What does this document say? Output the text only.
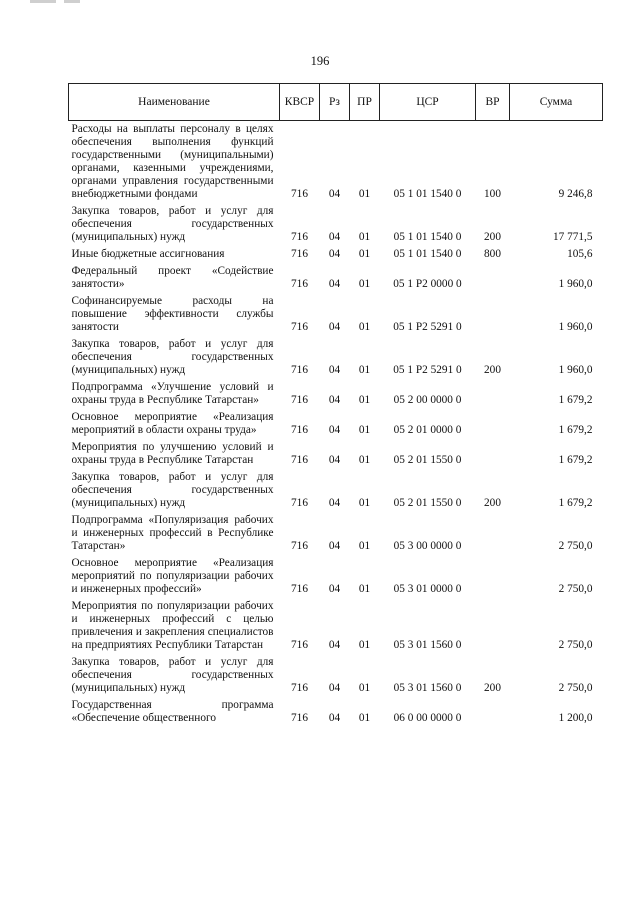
196
Наименование	КВСР	Рз	ПР	ЦСР	ВР	Сумма
Расходы на выплаты персоналу в целях обеспечения выполнения функций государственными (муниципальными) органами, казенными учреждениями, органами управления государственными внебюджетными фондами	716	04	01	05 1 01 1540 0	100	9 246,8
Закупка товаров, работ и услуг для обеспечения государственных (муниципальных) нужд	716	04	01	05 1 01 1540 0	200	17 771,5
Иные бюджетные ассигнования	716	04	01	05 1 01 1540 0	800	105,6
Федеральный проект «Содействие занятости»	716	04	01	05 1 Р2 0000 0		1 960,0
Софинансируемые расходы на повышение эффективности службы занятости	716	04	01	05 1 Р2 5291 0		1 960,0
Закупка товаров, работ и услуг для обеспечения государственных (муниципальных) нужд	716	04	01	05 1 Р2 5291 0	200	1 960,0
Подпрограмма «Улучшение условий и охраны труда в Республике Татарстан»	716	04	01	05 2 00 0000 0		1 679,2
Основное мероприятие «Реализация мероприятий в области охраны труда»	716	04	01	05 2 01 0000 0		1 679,2
Мероприятия по улучшению условий и охраны труда в Республике Татарстан	716	04	01	05 2 01 1550 0		1 679,2
Закупка товаров, работ и услуг для обеспечения государственных (муниципальных) нужд	716	04	01	05 2 01 1550 0	200	1 679,2
Подпрограмма «Популяризация рабочих и инженерных профессий в Республике Татарстан»	716	04	01	05 3 00 0000 0		2 750,0
Основное мероприятие «Реализация мероприятий по популяризации рабочих и инженерных профессий»	716	04	01	05 3 01 0000 0		2 750,0
Мероприятия по популяризации рабочих и инженерных профессий с целью привлечения и закрепления специалистов на предприятиях Республики Татарстан	716	04	01	05 3 01 1560 0		2 750,0
Закупка товаров, работ и услуг для обеспечения государственных (муниципальных) нужд	716	04	01	05 3 01 1560 0	200	2 750,0
Государственная программа «Обеспечение общественного	716	04	01	06 0 00 0000 0		1 200,0
